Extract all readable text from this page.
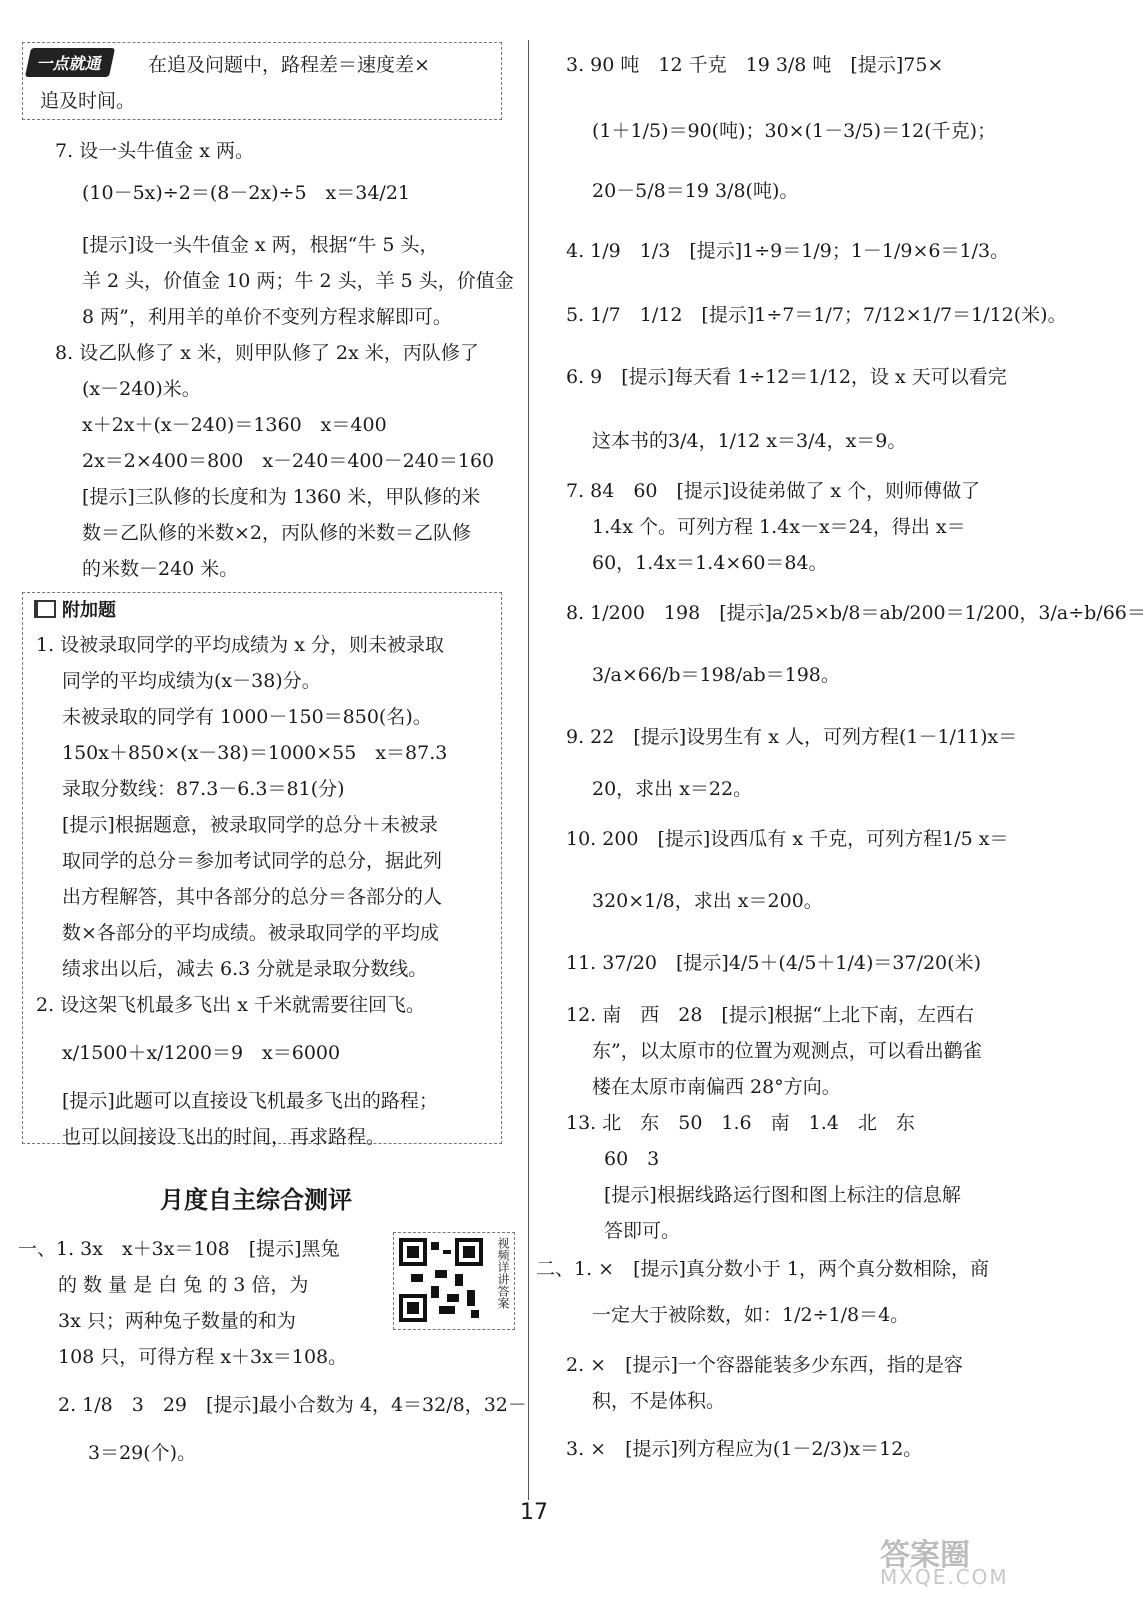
一点就通	在追及问题中，路程差＝速度差×
追及时间。
7. 设一头牛值金 x 两。
(10－5x)÷2＝(8－2x)÷5　x＝34/21
[提示]设一头牛值金 x 两，根据“牛 5 头，
羊 2 头，价值金 10 两；牛 2 头，羊 5 头，价值金
8 两”，利用羊的单价不变列方程求解即可。
8. 设乙队修了 x 米，则甲队修了 2x 米，丙队修了
(x－240)米。
x＋2x＋(x－240)＝1360　x＝400
2x＝2×400＝800　x－240＝400－240＝160
[提示]三队修的长度和为 1360 米，甲队修的米
数＝乙队修的米数×2，丙队修的米数＝乙队修
的米数－240 米。
附加题
1. 设被录取同学的平均成绩为 x 分，则未被录取
同学的平均成绩为(x－38)分。
未被录取的同学有 1000－150＝850(名)。
150x＋850×(x－38)＝1000×55　x＝87.3
录取分数线：87.3－6.3＝81(分)
[提示]根据题意，被录取同学的总分＋未被录
取同学的总分＝参加考试同学的总分，据此列
出方程解答，其中各部分的总分＝各部分的人
数×各部分的平均成绩。被录取同学的平均成
绩求出以后，减去 6.3 分就是录取分数线。
2. 设这架飞机最多飞出 x 千米就需要往回飞。
x/1500＋x/1200＝9　x＝6000
[提示]此题可以直接设飞机最多飞出的路程；
也可以间接设飞出的时间，再求路程。
月度自主综合测评
一、1. 3x　x＋3x＝108　[提示]黑兔
的 数 量 是 白 兔 的 3 倍，为
3x 只；两种兔子数量的和为
108 只，可得方程 x＋3x＝108。
视频详讲答案
2. 1/8　3　29　[提示]最小合数为 4，4＝32/8，32－
3＝29(个)。
3. 90 吨　12 千克　19 3/8 吨　[提示]75×
(1＋1/5)＝90(吨)；30×(1－3/5)＝12(千克)；
20－5/8＝19 3/8(吨)。
4. 1/9　1/3　[提示]1÷9＝1/9；1－1/9×6＝1/3。
5. 1/7　1/12　[提示]1÷7＝1/7；7/12×1/7＝1/12(米)。
6. 9　[提示]每天看 1÷12＝1/12，设 x 天可以看完
这本书的3/4，1/12 x＝3/4，x＝9。
7. 84　60　[提示]设徒弟做了 x 个，则师傅做了
1.4x 个。可列方程 1.4x－x＝24，得出 x＝
60，1.4x＝1.4×60＝84。
8. 1/200　198　[提示]a/25×b/8＝ab/200＝1/200，3/a÷b/66＝
3/a×66/b＝198/ab＝198。
9. 22　[提示]设男生有 x 人，可列方程(1－1/11)x＝
20，求出 x＝22。
10. 200　[提示]设西瓜有 x 千克，可列方程1/5 x＝
320×1/8，求出 x＝200。
11. 37/20　[提示]4/5＋(4/5＋1/4)＝37/20(米)
12. 南　西　28　[提示]根据“上北下南，左西右
东”，以太原市的位置为观测点，可以看出鹳雀
楼在太原市南偏西 28°方向。
13. 北　东　50　1.6　南　1.4　北　东
60　3
[提示]根据线路运行图和图上标注的信息解
答即可。
二、1. ×　[提示]真分数小于 1，两个真分数相除，商
一定大于被除数，如：1/2÷1/8＝4。
2. ×　[提示]一个容器能装多少东西，指的是容
积，不是体积。
3. ×　[提示]列方程应为(1－2/3)x＝12。
17
答案圈
MXQE.COM
